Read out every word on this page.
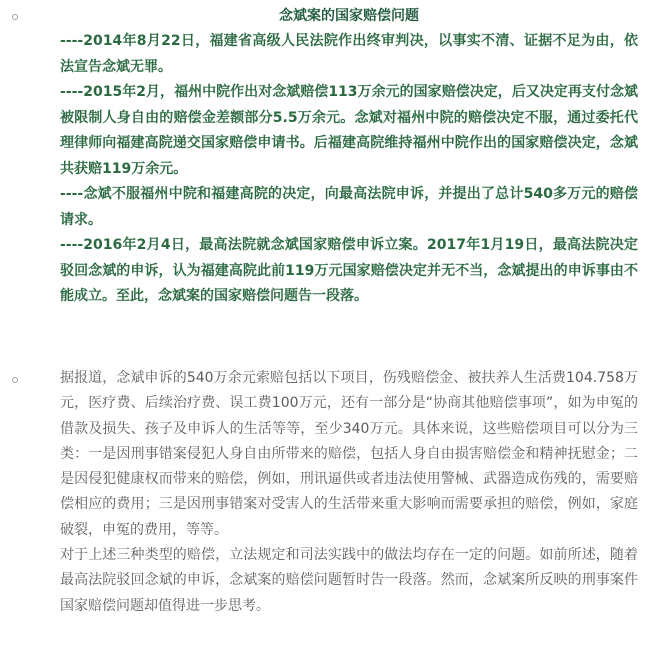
念斌案的国家赔偿问题

----2014年8月22日，福建省高级人民法院作出终审判决，以事实不清、证据不足为由，依法宣告念斌无罪。

----2015年2月，福州中院作出对念斌赔偿113万余元的国家赔偿决定，后又决定再支付念斌被限制人身自由的赔偿金差额部分5.5万余元。念斌对福州中院的赔偿决定不服，通过委托代理律师向福建高院递交国家赔偿申请书。后福建高院维持福州中院作出的国家赔偿决定，念斌共获赔119万余元。

----念斌不服福州中院和福建高院的决定，向最高法院申诉，并提出了总计540多万元的赔偿请求。

----2016年2月4日，最高法院就念斌国家赔偿申诉立案。2017年1月19日，最高法院决定驳回念斌的申诉，认为福建高院此前119万元国家赔偿决定并无不当，念斌提出的申诉事由不能成立。至此，念斌案的国家赔偿问题告一段落。

据报道，念斌申诉的540万余元索赔包括以下项目，伤残赔偿金、被扶养人生活费104.758万元，医疗费、后续治疗费、误工费100万元，还有一部分是“协商其他赔偿事项”，如为申冤的借款及损失、孩子及申诉人的生活等等，至少340万元。具体来说，这些赔偿项目可以分为三类：一是因刑事错案侵犯人身自由所带来的赔偿，包括人身自由损害赔偿金和精神抚慰金；二是因侵犯健康权而带来的赔偿，例如，刑讯逼供或者违法使用警械、武器造成伤残的，需要赔偿相应的费用；三是因刑事错案对受害人的生活带来重大影响而需要承担的赔偿，例如，家庭破裂，申冤的费用，等等。

对于上述三种类型的赔偿，立法规定和司法实践中的做法均存在一定的问题。如前所述，随着最高法院驳回念斌的申诉，念斌案的赔偿问题暂时告一段落。然而，念斌案所反映的刑事案件国家赔偿问题却值得进一步思考。
